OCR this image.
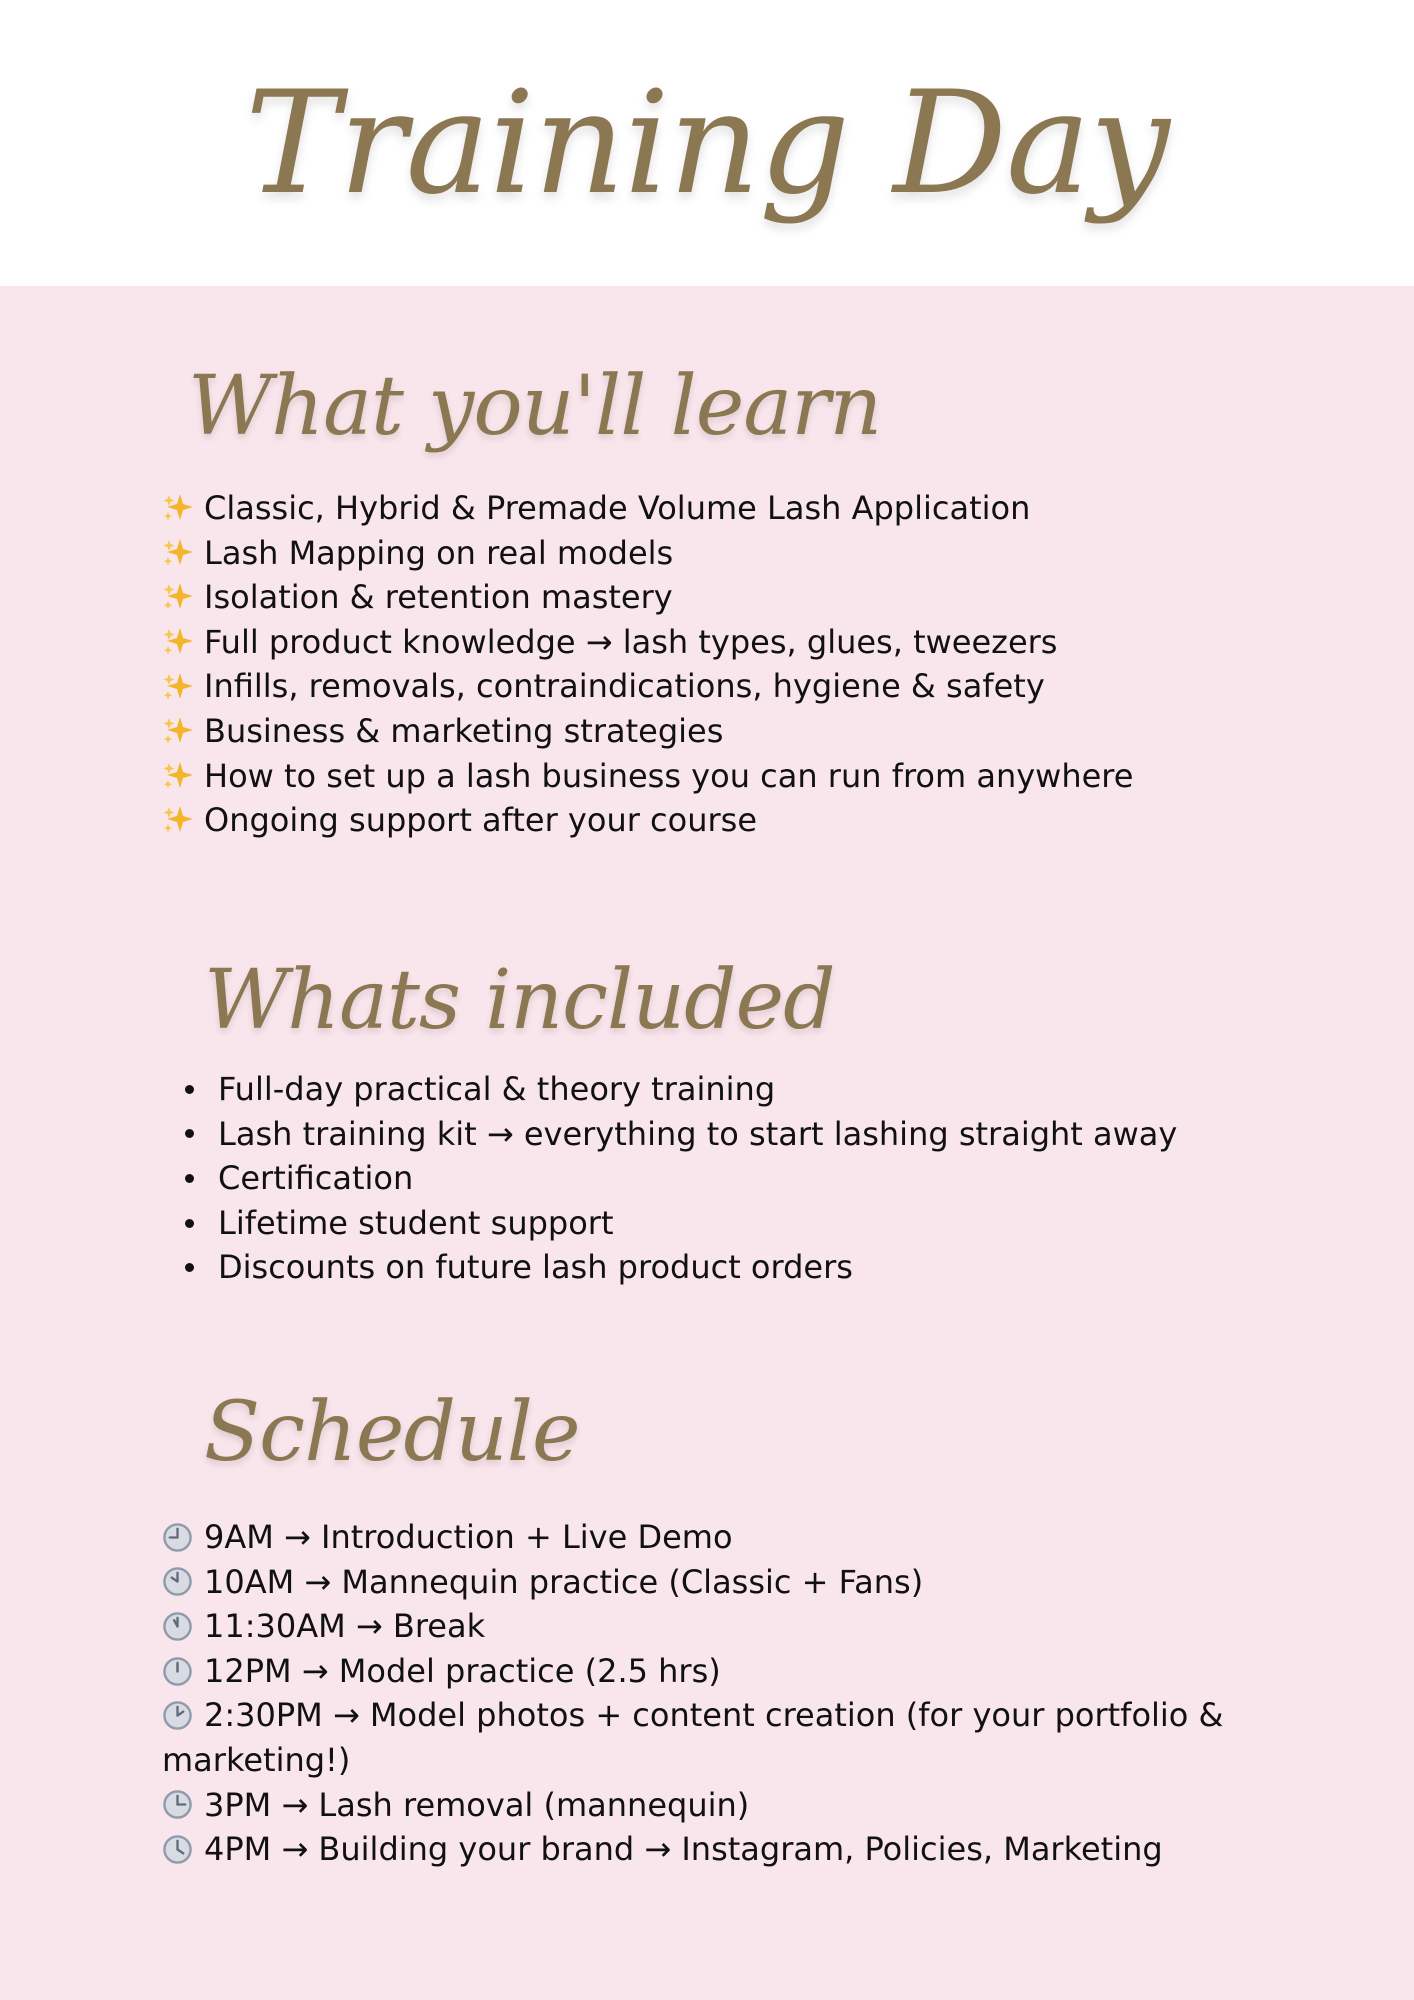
Training Day
What you'll learn
Classic, Hybrid & Premade Volume Lash Application
Lash Mapping on real models
Isolation & retention mastery
Full product knowledge → lash types, glues, tweezers
Infills, removals, contraindications, hygiene & safety
Business & marketing strategies
How to set up a lash business you can run from anywhere
Ongoing support after your course
Whats included
Full-day practical & theory training
Lash training kit → everything to start lashing straight away
Certification
Lifetime student support
Discounts on future lash product orders
Schedule
9AM → Introduction + Live Demo
10AM → Mannequin practice (Classic + Fans)
11:30AM → Break
12PM → Model practice (2.5 hrs)
2:30PM → Model photos + content creation (for your portfolio & marketing!)
3PM → Lash removal (mannequin)
4PM → Building your brand → Instagram, Policies, Marketing
